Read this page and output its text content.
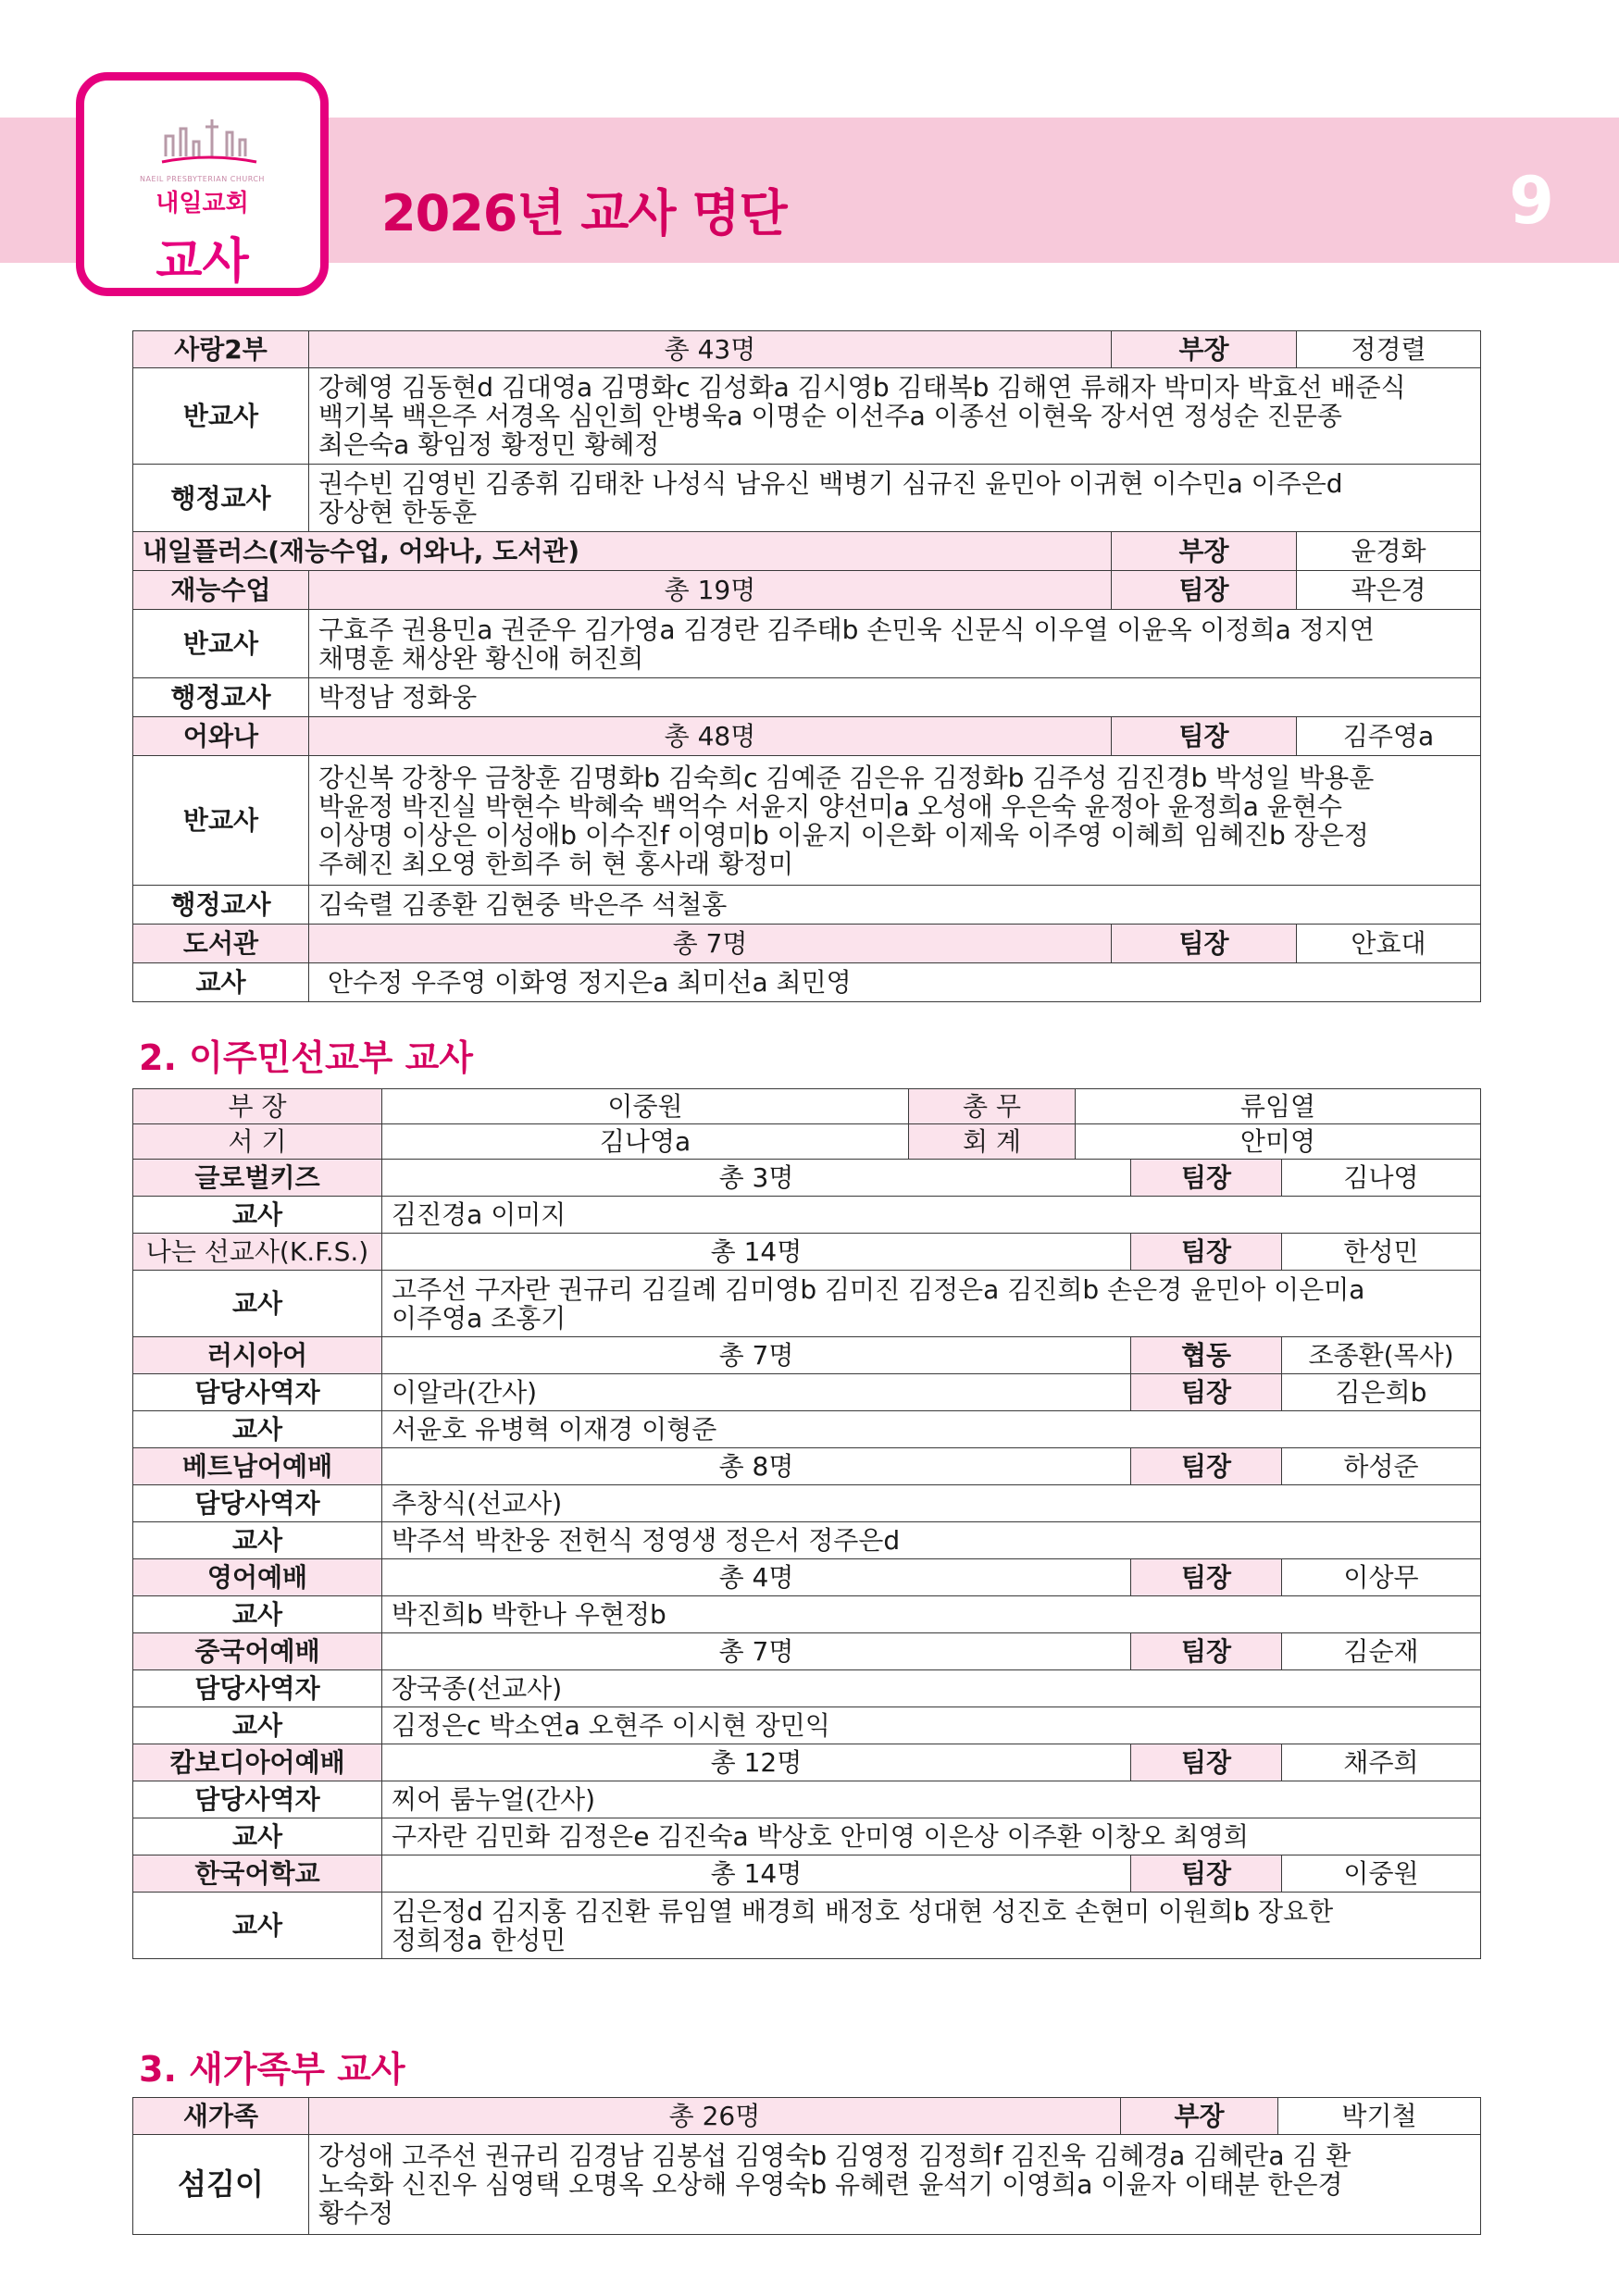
NAEIL PRESBYTERIAN CHURCH
내일교회
교사
2026년 교사 명단	9
사랑2부	총 43명	부장	정경렬
반교사	강혜영 김동현d 김대영a 김명화c 김성화a 김시영b 김태복b 김해연 류해자 박미자 박효선 배준식
백기복 백은주 서경옥 심인희 안병욱a 이명순 이선주a 이종선 이현욱 장서연 정성순 진문종
최은숙a 황임정 황정민 황혜정		

행정교사	권수빈 김영빈 김종휘 김태찬 나성식 남유신 백병기 심규진 윤민아 이귀현 이수민a 이주은d
장상현 한동훈		

내일플러스(재능수업, 어와나, 도서관)		부장	윤경화
재능수업	총 19명	팀장	곽은경
반교사	구효주 권용민a 권준우 김가영a 김경란 김주태b 손민욱 신문식 이우열 이윤옥 이정희a 정지연
채명훈 채상완 황신애 허진희		

행정교사	박정남 정화웅		
어와나	총 48명	팀장	김주영a
반교사	강신복 강창우 금창훈 김명화b 김숙희c 김예준 김은유 김정화b 김주성 김진경b 박성일 박용훈
박윤정 박진실 박현수 박혜숙 백억수 서윤지 양선미a 오성애 우은숙 윤정아 윤정희a 윤현수
이상명 이상은 이성애b 이수진f 이영미b 이윤지 이은화 이제욱 이주영 이혜희 임혜진b 장은정
주혜진 최오영 한희주 허 현 홍사래 황정미		

행정교사	김숙렬 김종환 김현중 박은주 석철홍		
도서관	총 7명	팀장	안효대
교사	안수정 우주영 이화영 정지은a 최미선a 최민영		
2. 이주민선교부 교사
부 장	이중원	총 무	류임열
서 기	김나영a	회 계	안미영
글로벌키즈	총 3명	팀장	김나영
교사	김진경a 이미지		

나는 선교사(K.F.S.)	총 14명	팀장	한성민
교사	고주선 구자란 권규리 김길례 김미영b 김미진 김정은a 김진희b 손은경 윤민아 이은미a
이주영a 조홍기		

러시아어	총 7명	협동	조종환(목사)
담당사역자	이알라(간사)	팀장	김은희b
교사	서윤호 유병혁 이재경 이형준		

베트남어예배	총 8명	팀장	하성준
담당사역자	추창식(선교사)		

교사	박주석 박찬웅 전헌식 정영생 정은서 정주은d		

영어예배	총 4명	팀장	이상무
교사	박진희b 박한나 우현정b		

중국어예배	총 7명	팀장	김순재
담당사역자	장국종(선교사)		

교사	김정은c 박소연a 오현주 이시현 장민익		

캄보디아어예배	총 12명	팀장	채주희
담당사역자	찌어 룸누얼(간사)		

교사	구자란 김민화 김정은e 김진숙a 박상호 안미영 이은상 이주환 이창오 최영희		

한국어학교	총 14명	팀장	이중원
교사	김은정d 김지홍 김진환 류임열 배경희 배정호 성대현 성진호 손현미 이원희b 장요한
정희정a 한성민		
3. 새가족부 교사
새가족	총 26명	부장	박기철
섬김이	강성애 고주선 권규리 김경남 김봉섭 김영숙b 김영정 김정희f 김진욱 김혜경a 김혜란a 김 환
노숙화 신진우 심영택 오명옥 오상해 우영숙b 유혜련 윤석기 이영희a 이윤자 이태분 한은경
황수정		
